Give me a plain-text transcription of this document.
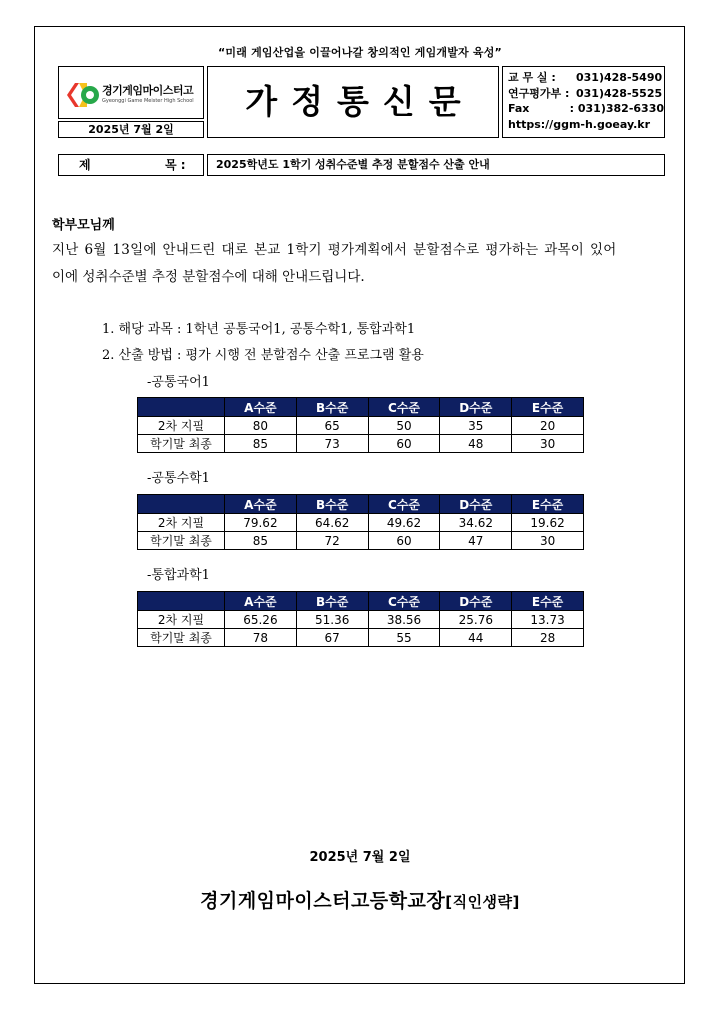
“미래 게임산업을 이끌어나갈 창의적인 게임개발자 육성”
경기게임마이스터고
Gyeonggi Game Meister High School
2025년 7월 2일
가정통신문
교 무 실 :	031)428-5490
연구평가부 : 031)428-5525
Fax	: 031)382-6330
https://ggm-h.goeay.kr
제	목 :	2025학년도 1학기 성취수준별 추정 분할점수 산출 안내
학부모님께
지난 6월 13일에 안내드린 대로 본교 1학기 평가계획에서 분할점수로 평가하는 과목이 있어
이에 성취수준별 추정 분할점수에 대해 안내드립니다.
1. 해당 과목 : 1학년 공통국어1, 공통수학1, 통합과학1
2. 산출 방법 : 평가 시행 전 분할점수 산출 프로그램 활용
-공통국어1
	A수준	B수준	C수준	D수준	E수준
2차 지필	80	65	50	35	20
학기말 최종	85	73	60	48	30
-공통수학1
	A수준	B수준	C수준	D수준	E수준
2차 지필	79.62	64.62	49.62	34.62	19.62
학기말 최종	85	72	60	47	30
-통합과학1
	A수준	B수준	C수준	D수준	E수준
2차 지필	65.26	51.36	38.56	25.76	13.73
학기말 최종	78	67	55	44	28
2025년 7월 2일
경기게임마이스터고등학교장[직인생략]
